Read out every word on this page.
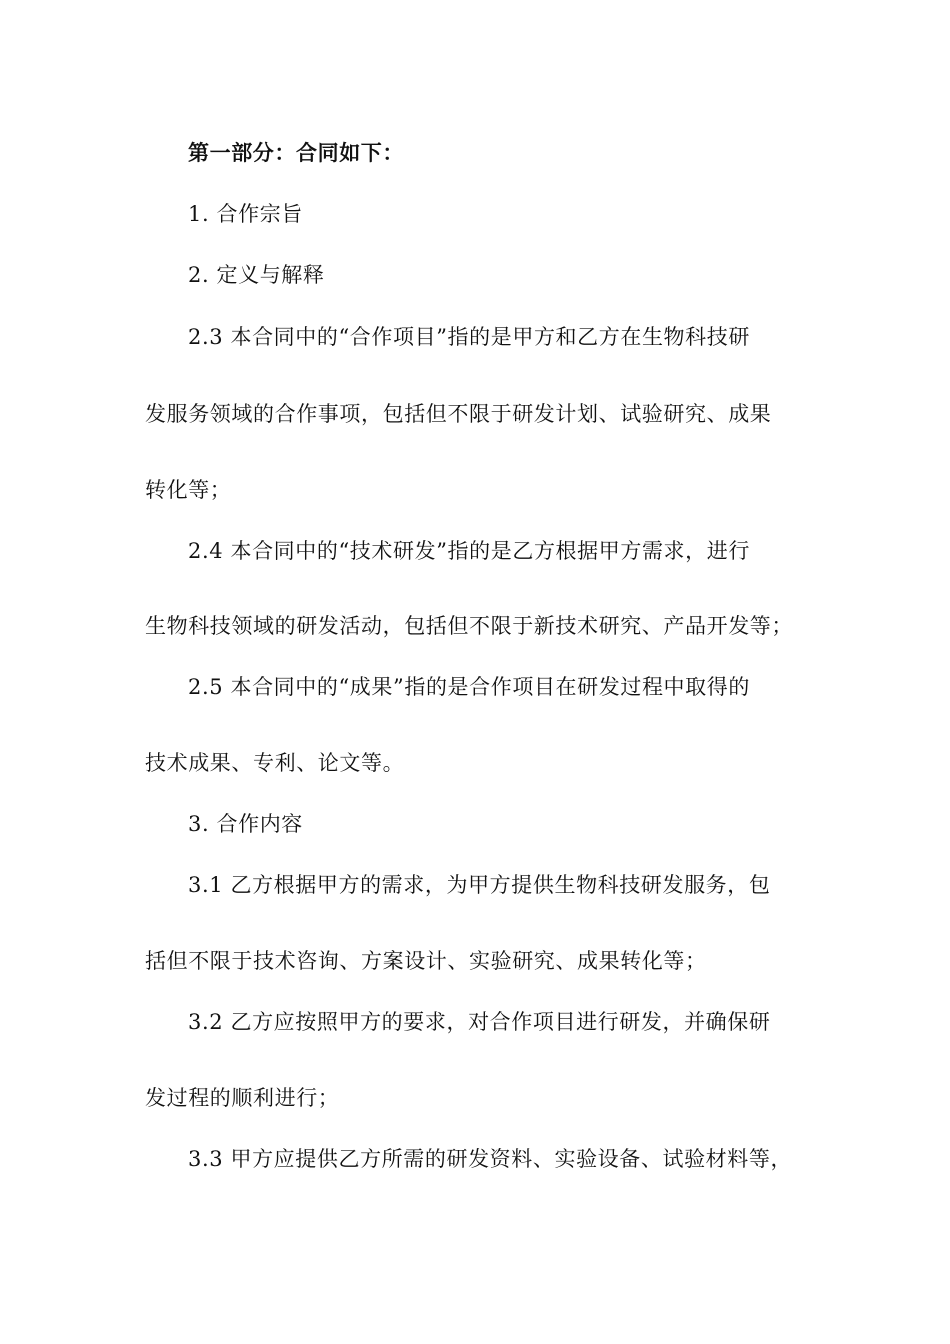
第一部分：合同如下：
1. 合作宗旨
2. 定义与解释
2.3 本合同中的“合作项目”指的是甲方和乙方在生物科技研
发服务领域的合作事项，包括但不限于研发计划、试验研究、成果
转化等；
2.4 本合同中的“技术研发”指的是乙方根据甲方需求，进行
生物科技领域的研发活动，包括但不限于新技术研究、产品开发等；
2.5 本合同中的“成果”指的是合作项目在研发过程中取得的
技术成果、专利、论文等。
3. 合作内容
3.1 乙方根据甲方的需求，为甲方提供生物科技研发服务，包
括但不限于技术咨询、方案设计、实验研究、成果转化等；
3.2 乙方应按照甲方的要求，对合作项目进行研发，并确保研
发过程的顺利进行；
3.3 甲方应提供乙方所需的研发资料、实验设备、试验材料等，
